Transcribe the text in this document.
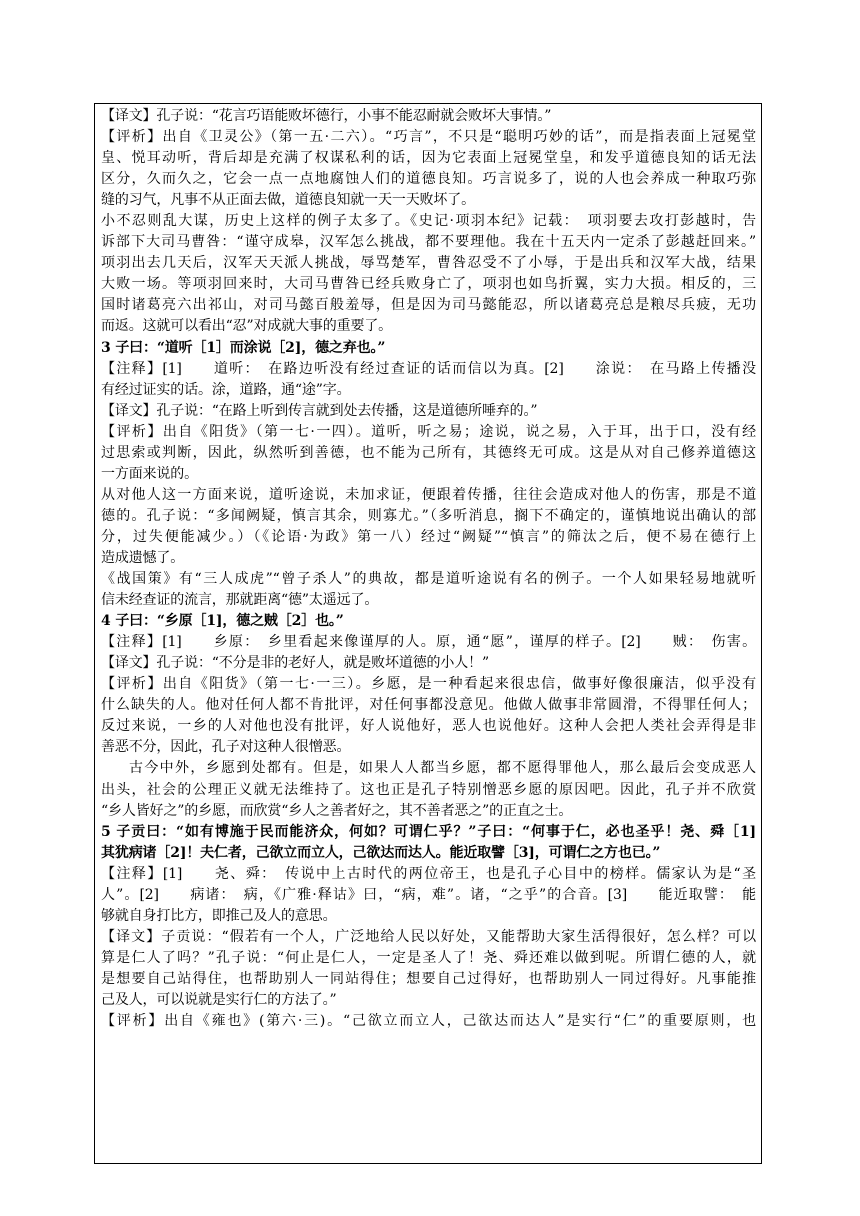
【译文】孔子说：“花言巧语能败坏德行，小事不能忍耐就会败坏大事情。”
【评析】出自《卫灵公》（第一五·二六）。“巧言”，不只是“聪明巧妙的话”，而是指表面上冠冕堂
皇、悦耳动听，背后却是充满了权谋私利的话，因为它表面上冠冕堂皇，和发乎道德良知的话无法
区分，久而久之，它会一点一点地腐蚀人们的道德良知。巧言说多了，说的人也会养成一种取巧弥
缝的习气，凡事不从正面去做，道德良知就一天一天败坏了。
小不忍则乱大谋，历史上这样的例子太多了。《史记·项羽本纪》记载：　项羽要去攻打彭越时，告
诉部下大司马曹咎：“谨守成皋，汉军怎么挑战，都不要理他。我在十五天内一定杀了彭越赶回来。”
项羽出去几天后，汉军天天派人挑战，辱骂楚军，曹咎忍受不了小辱，于是出兵和汉军大战，结果
大败一场。等项羽回来时，大司马曹咎已经兵败身亡了，项羽也如鸟折翼，实力大损。相反的，三
国时诸葛亮六出祁山，对司马懿百般羞辱，但是因为司马懿能忍，所以诸葛亮总是粮尽兵疲，无功
而返。这就可以看出“忍”对成就大事的重要了。
3 子曰：“道听［1］而涂说［2]，德之弃也。”
【注释】[1]　　道听：　在路边听没有经过查证的话而信以为真。[2]　　涂说：　在马路上传播没
有经过证实的话。涂，道路，通“途”字。
【译文】孔子说：“在路上听到传言就到处去传播，这是道德所唾弃的。”
【评析】出自《阳货》（第一七·一四）。道听，听之易；途说，说之易，入于耳，出于口，没有经
过思索或判断，因此，纵然听到善德，也不能为己所有，其德终无可成。这是从对自己修养道德这
一方面来说的。
从对他人这一方面来说，道听途说，未加求证，便跟着传播，往往会造成对他人的伤害，那是不道
德的。孔子说：“多闻阙疑，慎言其余，则寡尤。”（多听消息，搁下不确定的，谨慎地说出确认的部
分，过失便能减少。）（《论语·为政》第一八）经过“阙疑”“慎言”的筛汰之后，便不易在德行上
造成遗憾了。
《战国策》有“三人成虎”“曾子杀人”的典故，都是道听途说有名的例子。一个人如果轻易地就听
信未经查证的流言，那就距离“德”太遥远了。
4 子曰：“乡原［1]，德之贼［2］也。”
【注释】[1]　　乡原：　乡里看起来像谨厚的人。原，通“愿”，谨厚的样子。[2]　　贼：　伤害。
【译文】孔子说：“不分是非的老好人，就是败坏道德的小人！”
【评析】出自《阳货》（第一七·一三）。乡愿，是一种看起来很忠信，做事好像很廉洁，似乎没有
什么缺失的人。他对任何人都不肯批评，对任何事都没意见。他做人做事非常圆滑，不得罪任何人；
反过来说，一乡的人对他也没有批评，好人说他好，恶人也说他好。这种人会把人类社会弄得是非
善恶不分，因此，孔子对这种人很憎恶。
古今中外，乡愿到处都有。但是，如果人人都当乡愿，都不愿得罪他人，那么最后会变成恶人
出头，社会的公理正义就无法维持了。这也正是孔子特别憎恶乡愿的原因吧。因此，孔子并不欣赏
“乡人皆好之”的乡愿，而欣赏“乡人之善者好之，其不善者恶之”的正直之士。
5 子贡曰：“如有博施于民而能济众，何如？可谓仁乎？”子曰：“何事于仁，必也圣乎！尧、舜［1]
其犹病诸［2]！夫仁者，己欲立而立人，己欲达而达人。能近取譬［3]，可谓仁之方也已。”
【注释】[1]　　尧、舜：　传说中上古时代的两位帝王，也是孔子心目中的榜样。儒家认为是“圣
人”。[2]　　病诸：　病，《广雅·释诂》曰，“病，难”。诸，“之乎”的合音。[3]　　能近取譬：　能
够就自身打比方，即推己及人的意思。
【译文】子贡说：“假若有一个人，广泛地给人民以好处，又能帮助大家生活得很好，怎么样？可以
算是仁人了吗？”孔子说：“何止是仁人，一定是圣人了！尧、舜还难以做到呢。所谓仁德的人，就
是想要自己站得住，也帮助别人一同站得住；想要自己过得好，也帮助别人一同过得好。凡事能推
己及人，可以说就是实行仁的方法了。”
【评析】出自《雍也》(第六·三)。“己欲立而立人，己欲达而达人”是实行“仁”的重要原则，也
